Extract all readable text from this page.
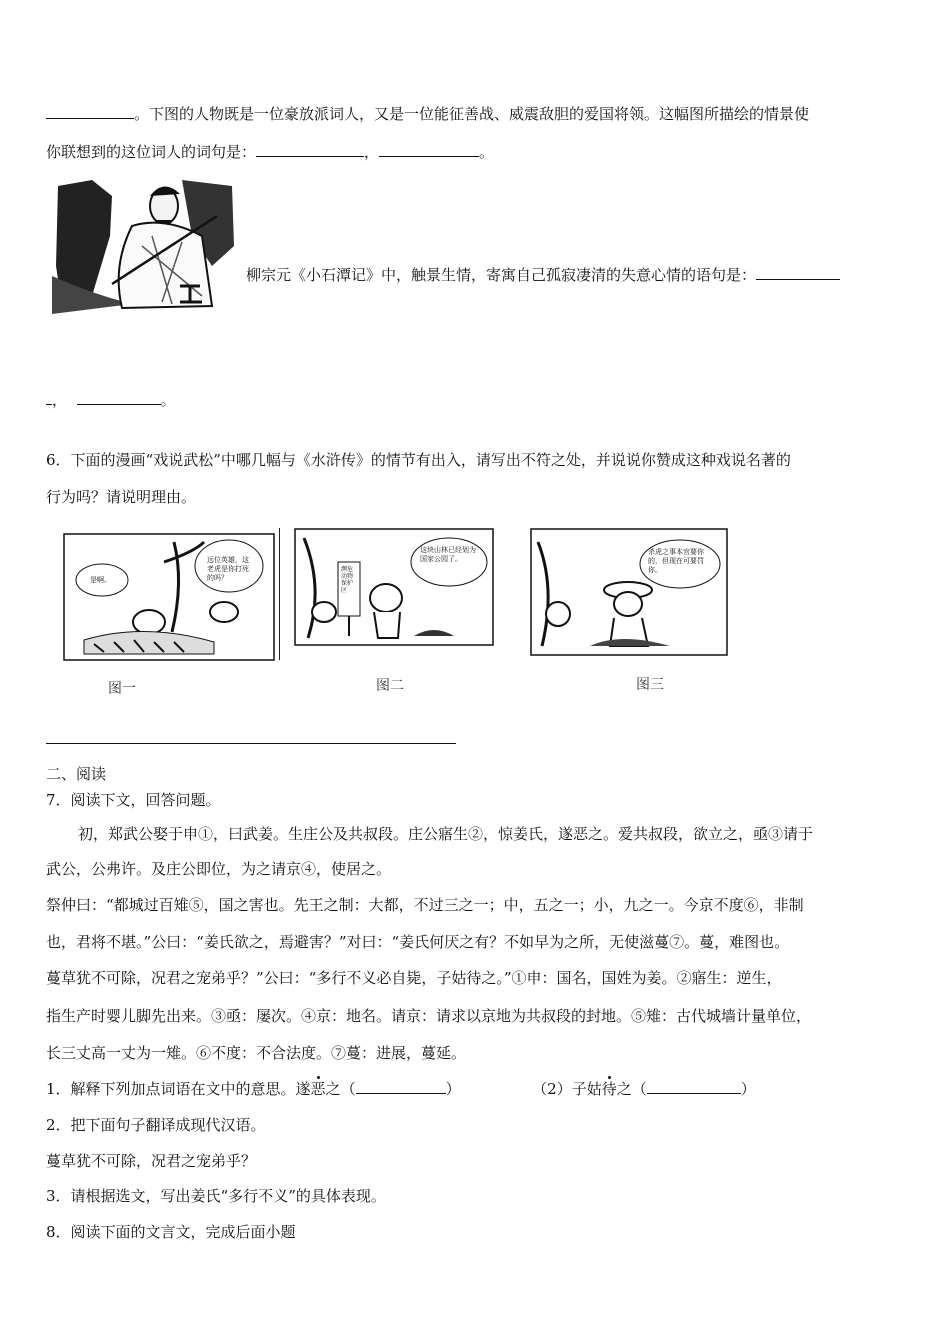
。下图的人物既是一位豪放派词人，又是一位能征善战、威震敌胆的爱国将领。这幅图所描绘的情景使
你联想到的这位词人的词句是：	，	。
柳宗元《小石潭记》中，触景生情，寄寓自己孤寂凄清的失意心情的语句是：
，	。
6．下面的漫画“戏说武松”中哪几幅与《水浒传》的情节有出入，请写出不符之处，并说说你赞成这种戏说名著的
行为吗？请说明理由。
远位英雄，这老虎是你打死的吗？
是啊。
这块山林已经划为国家公园了。
濒危动物保护区
杀虎之事本官要你的，但现在可要罚你。
图一	图二	图三
二、阅读
7．阅读下文，回答问题。
初，郑武公娶于申①，曰武姜。生庄公及共叔段。庄公寤生②，惊姜氏，遂恶之。爱共叔段，欲立之，亟③请于
武公，公弗许。及庄公即位，为之请京④，使居之。
祭仲曰：“都城过百雉⑤，国之害也。先王之制：大都，不过三之一；中，五之一；小，九之一。今京不度⑥，非制
也，君将不堪。”公曰：“姜氏欲之，焉避害？”对曰：“姜氏何厌之有？不如早为之所，无使滋蔓⑦。蔓，难图也。
蔓草犹不可除，况君之宠弟乎？”公曰：“多行不义必自毙，子姑待之。”①申：国名，国姓为姜。②寤生：逆生，
指生产时婴儿脚先出来。③亟：屡次。④京：地名。请京：请求以京地为共叔段的封地。⑤雉：古代城墙计量单位，
长三丈高一丈为一雉。⑥不度：不合法度。⑦蔓：进展，蔓延。
1．解释下列加点词语在文中的意思。遂恶之（	）	（2）子姑待之（	）
2．把下面句子翻译成现代汉语。
蔓草犹不可除，况君之宠弟乎？
3．请根据选文，写出姜氏“多行不义”的具体表现。
8．阅读下面的文言文，完成后面小题
